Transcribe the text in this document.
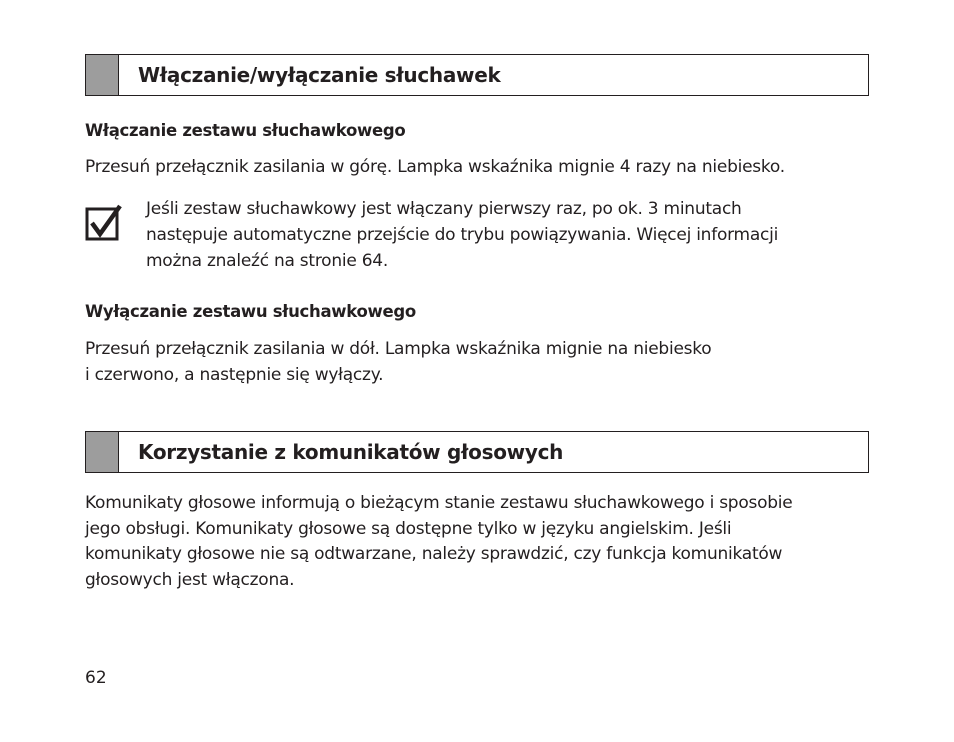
Włączanie/wyłączanie słuchawek
Włączanie zestawu słuchawkowego
Przesuń przełącznik zasilania w górę. Lampka wskaźnika mignie 4 razy na niebiesko.
Jeśli zestaw słuchawkowy jest włączany pierwszy raz, po ok. 3 minutach
następuje automatyczne przejście do trybu powiązywania. Więcej informacji
można znaleźć na stronie 64.
Wyłączanie zestawu słuchawkowego
Przesuń przełącznik zasilania w dół. Lampka wskaźnika mignie na niebiesko
i czerwono, a następnie się wyłączy.
Korzystanie z komunikatów głosowych
Komunikaty głosowe informują o bieżącym stanie zestawu słuchawkowego i sposobie
jego obsługi. Komunikaty głosowe są dostępne tylko w języku angielskim. Jeśli
komunikaty głosowe nie są odtwarzane, należy sprawdzić, czy funkcja komunikatów
głosowych jest włączona.
62
